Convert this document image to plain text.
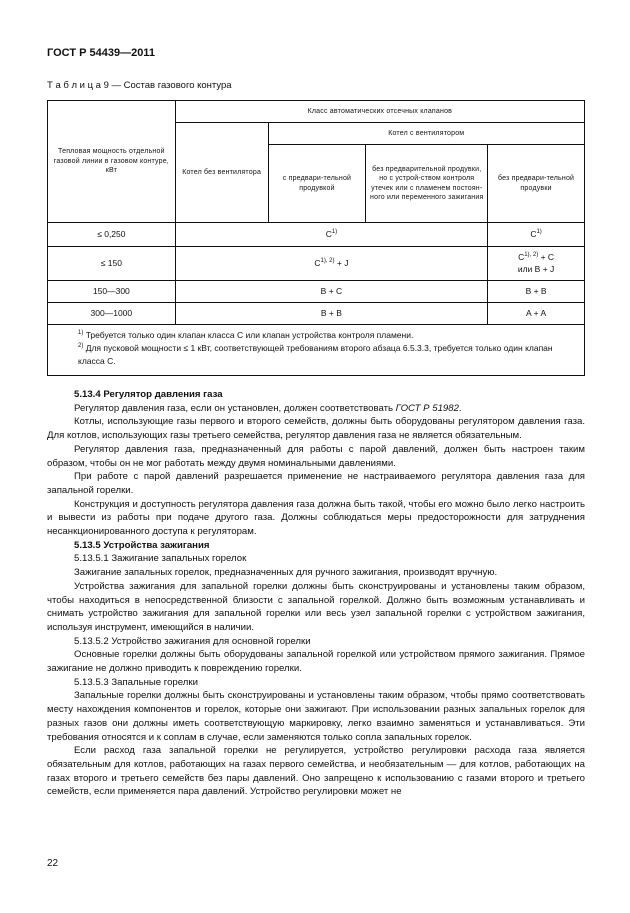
ГОСТ Р 54439—2011
Т а б л и ц а 9 — Состав газового контура
Тепловая мощность отдельной газовой линии в газовом контуре, кВт	Класс автоматических отсечных клапанов			
	Котел без вентилятора	Котел с вентилятором		
		с предвари-тельной продувкой	без предварительной продувки, но с устрой-ством контроля утечек или с пламенем постоян-ного или переменного зажигания	без предвари-тельной продувки
≤ 0,250	$C^{1)}$			$C^{1)}$
≤ 150	$C^{1), 2)} + J$			$C^{1), 2)} + C$
или B + J
150—300	B + C			B + B
300—1000	B + B			A + A

$^{1)}$ Требуется только один клапан класса C или клапан устройства контроля пламени.
$^{2)}$ Для пусковой мощности ≤ 1 кВт, соответствующей требованиям второго абзаца 6.5.3.3, требуется только один клапан класса C.				

5.13.4 Регулятор давления газа

Регулятор давления газа, если он установлен, должен соответствовать ГОСТ Р 51982.

Котлы, использующие газы первого и второго семейств, должны быть оборудованы регулятором давления газа. Для котлов, использующих газы третьего семейства, регулятор давления газа не является обязательным.

Регулятор давления газа, предназначенный для работы с парой давлений, должен быть настроен таким образом, чтобы он не мог работать между двумя номинальными давлениями.

При работе с парой давлений разрешается применение не настраиваемого регулятора давления газа для запальной горелки.

Конструкция и доступность регулятора давления газа должна быть такой, чтобы его можно было легко настроить и вывести из работы при подаче другого газа. Должны соблюдаться меры предосторожности для затруднения несанкционированного доступа к регуляторам.

5.13.5 Устройства зажигания

5.13.5.1 Зажигание запальных горелок

Зажигание запальных горелок, предназначенных для ручного зажигания, производят вручную.

Устройства зажигания для запальной горелки должны быть сконструированы и установлены таким образом, чтобы находиться в непосредственной близости с запальной горелкой. Должно быть возможным устанавливать и снимать устройство зажигания для запальной горелки или весь узел запальной горелки с устройством зажигания, используя инструмент, имеющийся в наличии.

5.13.5.2 Устройство зажигания для основной горелки

Основные горелки должны быть оборудованы запальной горелкой или устройством прямого зажигания. Прямое зажигание не должно приводить к повреждению горелки.

5.13.5.3 Запальные горелки

Запальные горелки должны быть сконструированы и установлены таким образом, чтобы прямо соответствовать месту нахождения компонентов и горелок, которые они зажигают. При использовании разных запальных горелок для разных газов они должны иметь соответствующую маркировку, легко взаимно заменяться и устанавливаться. Эти требования относятся и к соплам в случае, если заменяются только сопла запальных горелок.

Если расход газа запальной горелки не регулируется, устройство регулировки расхода газа является обязательным для котлов, работающих на газах первого семейства, и необязательным — для котлов, работающих на газах второго и третьего семейств без пары давлений. Оно запрещено к использованию с газами второго и третьего семейств, если применяется пара давлений. Устройство регулировки может не

22
